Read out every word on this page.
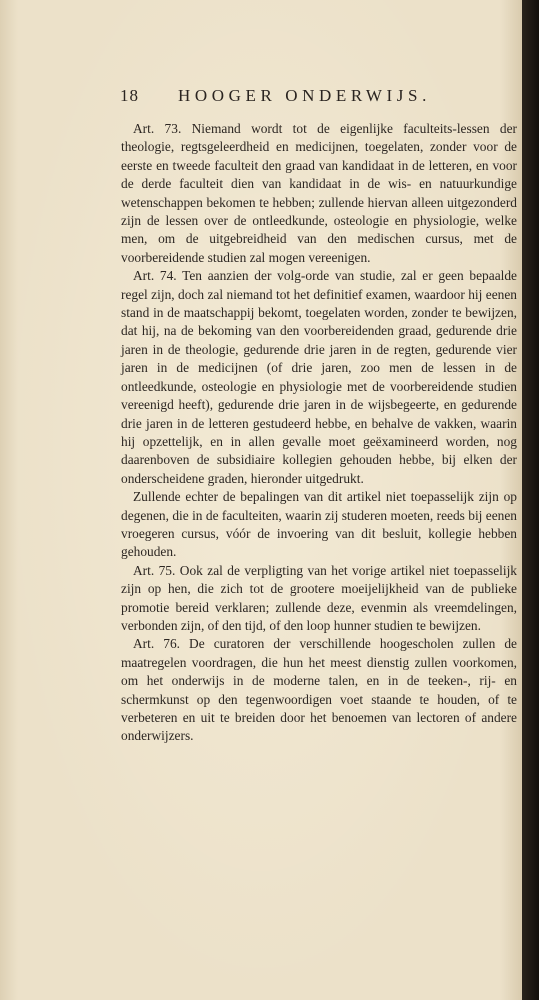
18 HOOGER ONDERWIJS.

Art. 73. Niemand wordt tot de eigenlijke faculteits-lessen der theologie, regtsgeleerdheid en medicijnen, toegelaten, zonder voor de eerste en tweede faculteit den graad van kandidaat in de letteren, en voor de derde faculteit dien van kandidaat in de wis- en natuurkundige wetenschappen bekomen te hebben; zullende hiervan alleen uitgezonderd zijn de lessen over de ontleedkunde, osteologie en physiologie, welke men, om de uitgebreidheid van den medischen cursus, met de voorbereidende studien zal mogen vereenigen.

Art. 74. Ten aanzien der volg-orde van studie, zal er geen bepaalde regel zijn, doch zal niemand tot het definitief examen, waardoor hij eenen stand in de maatschappij bekomt, toegelaten worden, zonder te bewijzen, dat hij, na de bekoming van den voorbereidenden graad, gedurende drie jaren in de theologie, gedurende drie jaren in de regten, gedurende vier jaren in de medicijnen (of drie jaren, zoo men de lessen in de ontleedkunde, osteologie en physiologie met de voorbereidende studien vereenigd heeft), gedurende drie jaren in de wijsbegeerte, en gedurende drie jaren in de letteren gestudeerd hebbe, en behalve de vakken, waarin hij opzettelijk, en in allen gevalle moet geëxamineerd worden, nog daarenboven de subsidiaire kollegien gehouden hebbe, bij elken der onderscheidene graden, hieronder uitgedrukt.

Zullende echter de bepalingen van dit artikel niet toepasselijk zijn op degenen, die in de faculteiten, waarin zij studeren moeten, reeds bij eenen vroegeren cursus, vóór de invoering van dit besluit, kollegie hebben gehouden.

Art. 75. Ook zal de verpligting van het vorige artikel niet toepasselijk zijn op hen, die zich tot de grootere moeijelijkheid van de publieke promotie bereid verklaren; zullende deze, evenmin als vreemdelingen, verbonden zijn, of den tijd, of den loop hunner studien te bewijzen.

Art. 76. De curatoren der verschillende hoogescholen zullen de maatregelen voordragen, die hun het meest dienstig zullen voorkomen, om het onderwijs in de moderne talen, en in de teeken-, rij- en schermkunst op den tegenwoordigen voet staande te houden, of te verbeteren en uit te breiden door het benoemen van lectoren of andere onderwijzers.
